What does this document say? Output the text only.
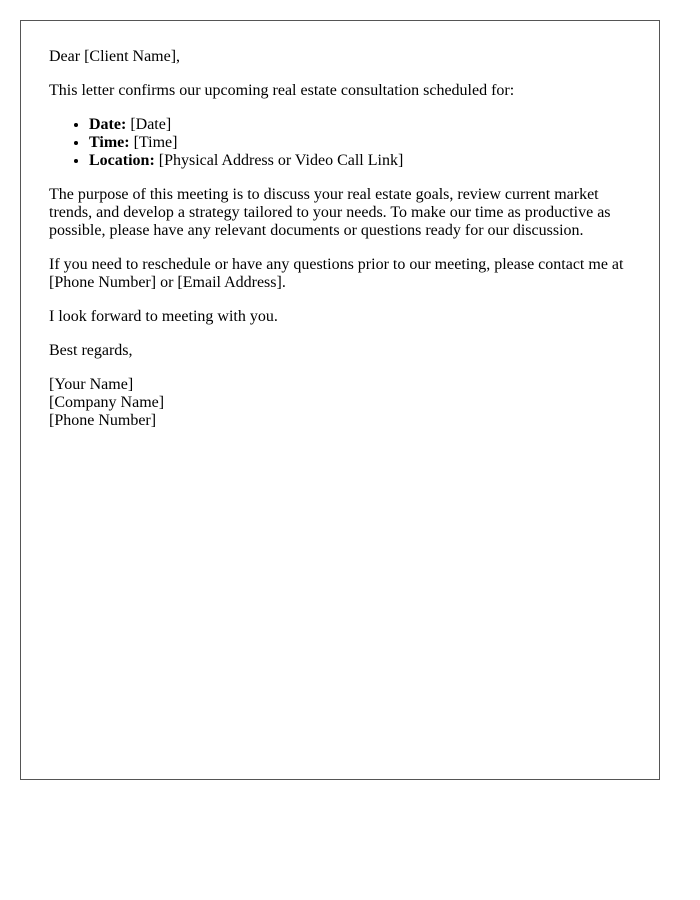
Dear [Client Name],

This letter confirms our upcoming real estate consultation scheduled for:

• Date: [Date]
• Time: [Time]
• Location: [Physical Address or Video Call Link]

The purpose of this meeting is to discuss your real estate goals, review current market trends, and develop a strategy tailored to your needs. To make our time as productive as possible, please have any relevant documents or questions ready for our discussion.

If you need to reschedule or have any questions prior to our meeting, please contact me at [Phone Number] or [Email Address].

I look forward to meeting with you.

Best regards,

[Your Name]
[Company Name]
[Phone Number]
